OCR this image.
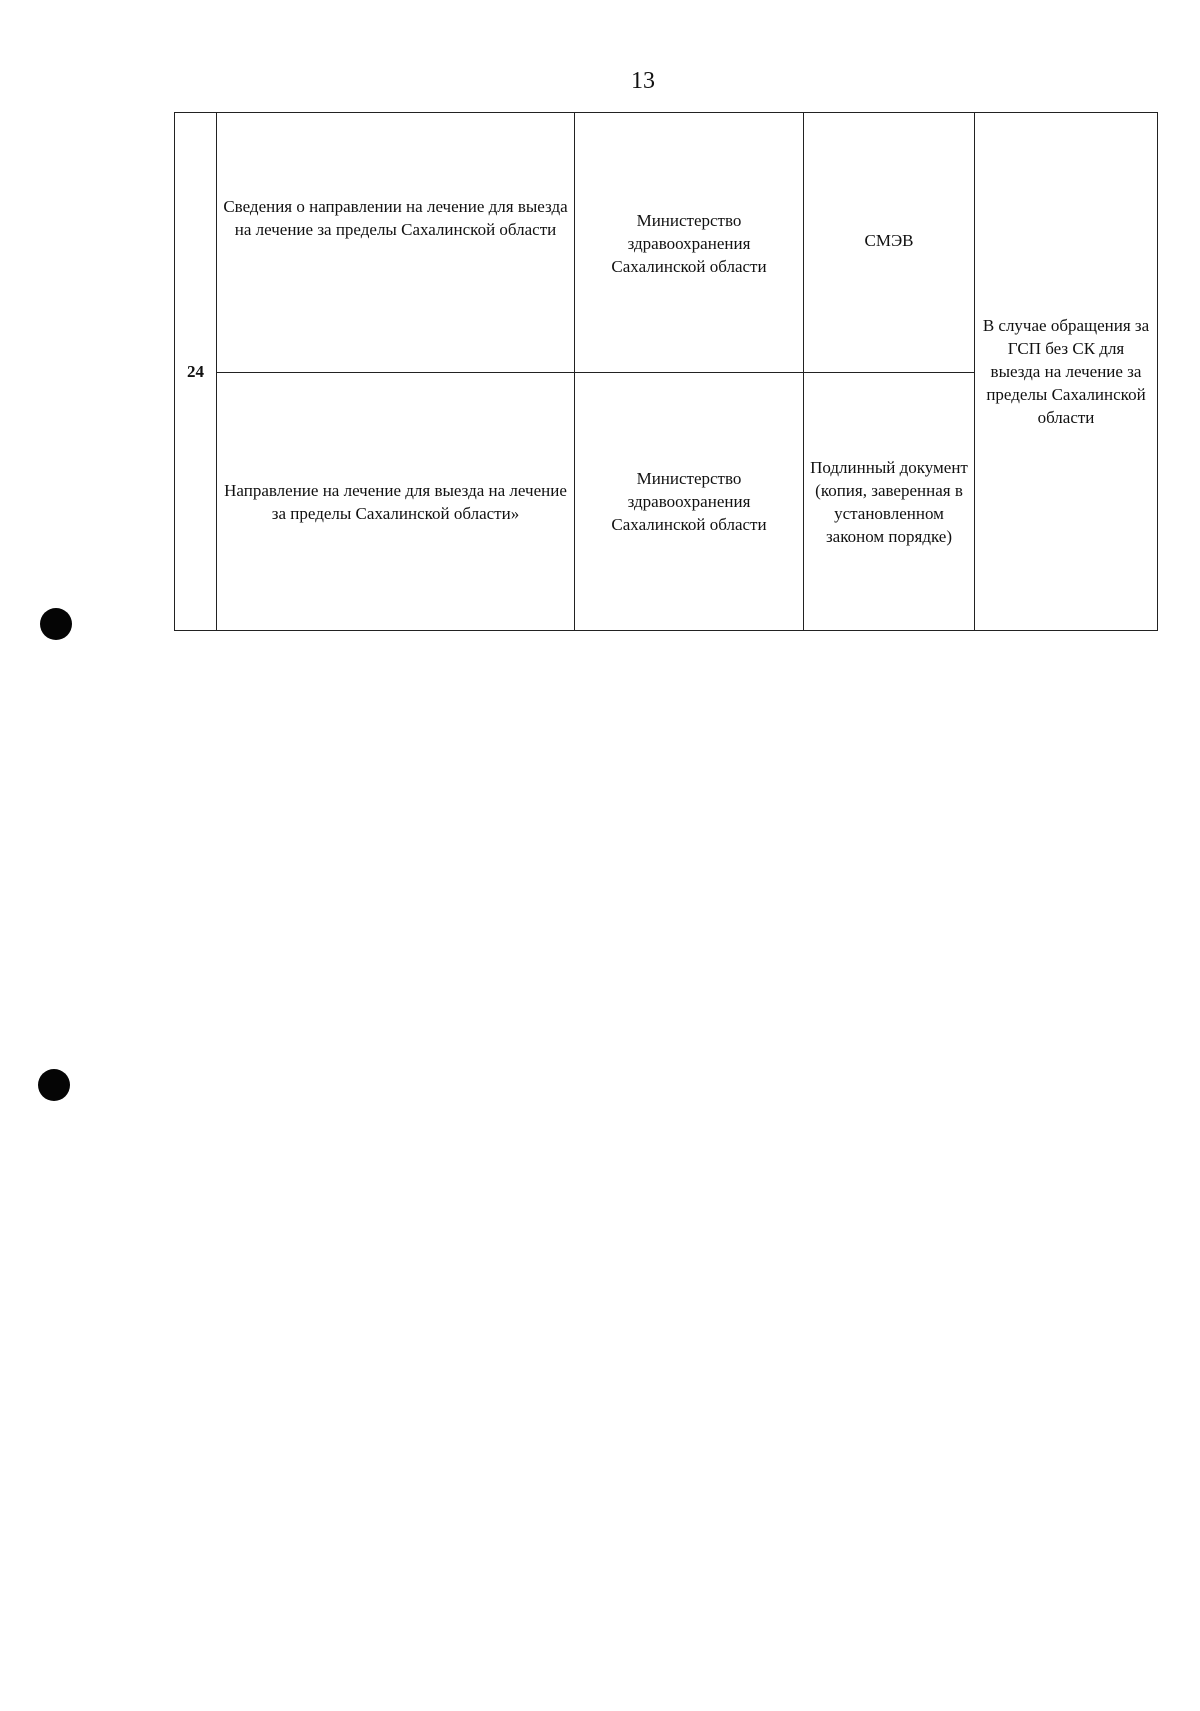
13
24	Сведения о направлении на лечение для выезда на лечение за пределы Сахалинской области	Министерство здравоохранения Сахалинской области	СМЭВ	В случае обращения за ГСП без СК для выезда на лечение за пределы Сахалинской области
	Направление на лечение для выезда на лечение за пределы Сахалинской области»	Министерство здравоохранения Сахалинской области	Подлинный документ (копия, заверенная в установленном законом порядке)	
